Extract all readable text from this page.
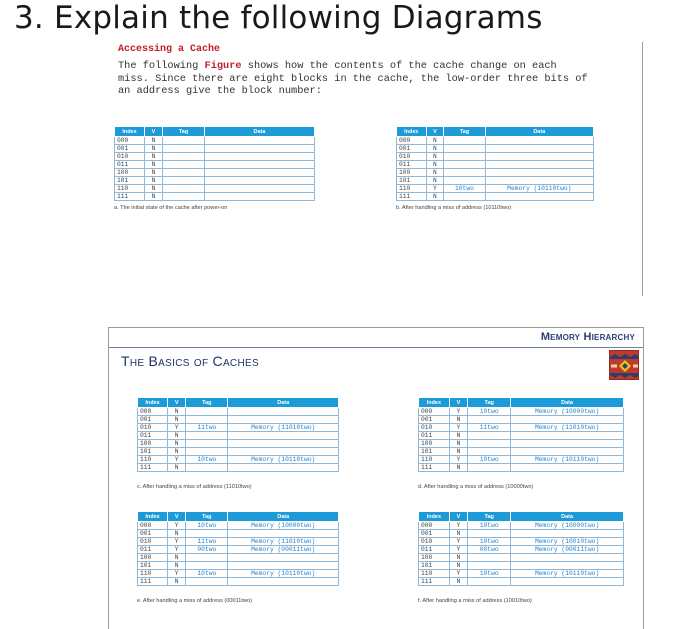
3. Explain the following Diagrams
Accessing a Cache
The following Figure shows how the contents of the cache change on each miss. Since there are eight blocks in the cache, the low-order three bits of an address give the block number:
Index	V	Tag	Data
000	N		
001	N		
010	N		
011	N		
100	N		
101	N		
110	N		
111	N		
a. The initial state of the cache after power-on
Index	V	Tag	Data
000	N		
001	N		
010	N		
011	N		
100	N		
101	N		
110	Y	10two	Memory (10110two)
111	N		
b. After handling a miss of address (10110two)
Memory Hierarchy
The Basics of Caches
Index	V	Tag	Data
000	N		
001	N		
010	Y	11two	Memory (11010two)
011	N		
100	N		
101	N		
110	Y	10two	Memory (10110two)
111	N		
c. After handling a miss of address (11010two)
Index	V	Tag	Data
000	Y	10two	Memory (10000two)
001	N		
010	Y	11two	Memory (11010two)
011	N		
100	N		
101	N		
110	Y	10two	Memory (10110two)
111	N		
d. After handling a miss of address (10000two)
Index	V	Tag	Data
000	Y	10two	Memory (10000two)
001	N		
010	Y	11two	Memory (11010two)
011	Y	00two	Memory (00011two)
100	N		
101	N		
110	Y	10two	Memory (10110two)
111	N		
e. After handling a miss of address (00011two)
Index	V	Tag	Data
000	Y	10two	Memory (10000two)
001	N		
010	Y	10two	Memory (10010two)
011	Y	00two	Memory (00011two)
100	N		
101	N		
110	Y	10two	Memory (10110two)
111	N		
f. After handling a miss of address (10010two)
